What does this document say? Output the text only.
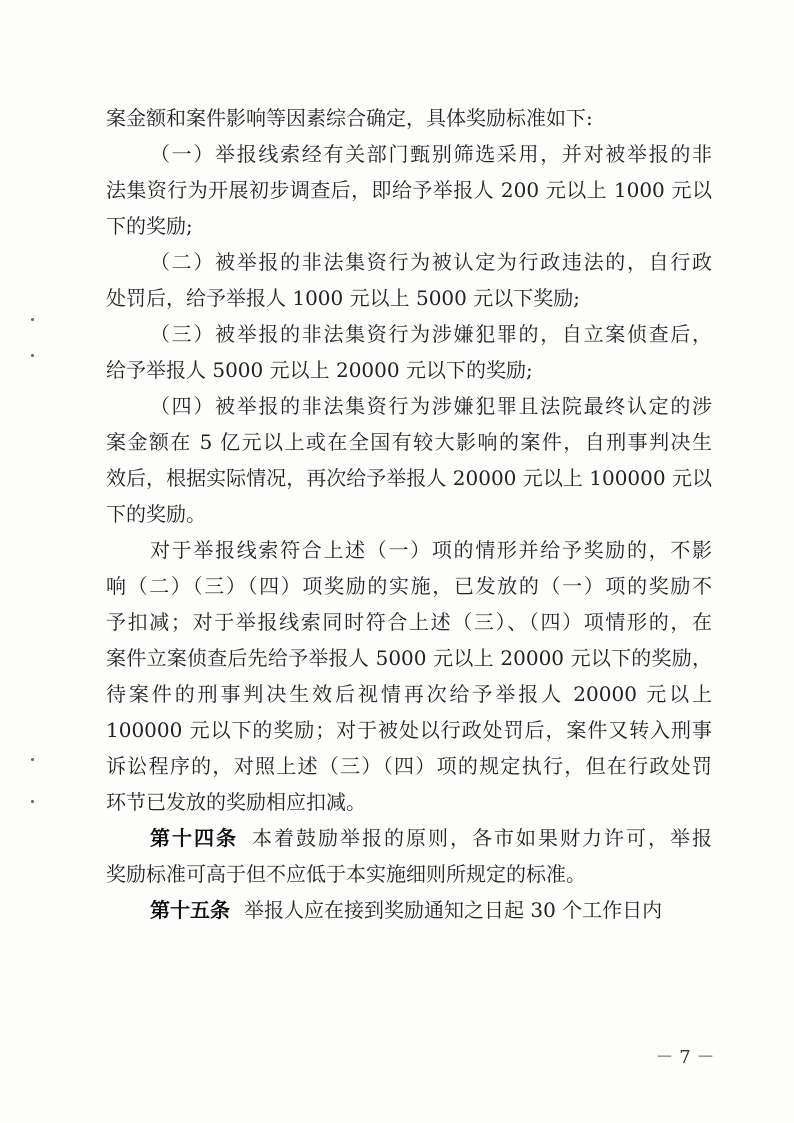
案金额和案件影响等因素综合确定，具体奖励标准如下:
（一）举报线索经有关部门甄别筛选采用，并对被举报的非
法集资行为开展初步调查后，即给予举报人 200 元以上 1000 元以
下的奖励;
（二）被举报的非法集资行为被认定为行政违法的，自行政
处罚后，给予举报人 1000 元以上 5000 元以下奖励;
（三）被举报的非法集资行为涉嫌犯罪的，自立案侦查后，
给予举报人 5000 元以上 20000 元以下的奖励;
（四）被举报的非法集资行为涉嫌犯罪且法院最终认定的涉
案金额在 5 亿元以上或在全国有较大影响的案件，自刑事判决生
效后，根据实际情况，再次给予举报人 20000 元以上 100000 元以
下的奖励。
对于举报线索符合上述（一）项的情形并给予奖励的，不影
响（二）（三）（四）项奖励的实施，已发放的（一）项的奖励不
予扣减；对于举报线索同时符合上述（三）、（四）项情形的，在
案件立案侦查后先给予举报人 5000 元以上 20000 元以下的奖励，
待案件的刑事判决生效后视情再次给予举报人 20000 元以上
100000 元以下的奖励；对于被处以行政处罚后，案件又转入刑事
诉讼程序的，对照上述（三）（四）项的规定执行，但在行政处罚
环节已发放的奖励相应扣减。
第十四条 本着鼓励举报的原则，各市如果财力许可，举报
奖励标准可高于但不应低于本实施细则所规定的标准。
第十五条 举报人应在接到奖励通知之日起 30 个工作日内
－ 7 －
